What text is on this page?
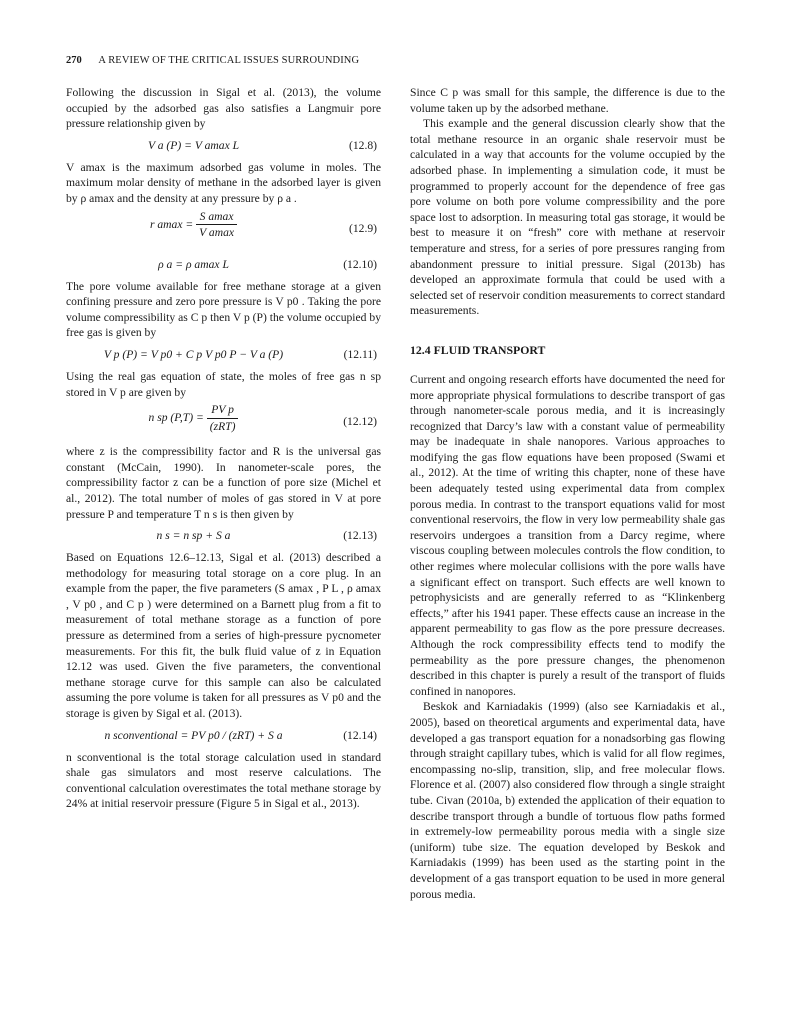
270 A REVIEW OF THE CRITICAL ISSUES SURROUNDING

Following the discussion in Sigal et al. (2013), the volume occupied by the adsorbed gas also satisfies a Langmuir pore pressure relationship given by

V a (P) = V amax L	(12.8)

V amax is the maximum adsorbed gas volume in moles. The maximum molar density of methane in the adsorbed layer is given by ρ amax and the density at any pressure by ρ a .

r $amax = \frac{\text{S amax}}{\text{V amax}}$	(12.9)
ρ a = ρ amax L	(12.10)

The pore volume available for free methane storage at a given confining pressure and zero pore pressure is V p0 . Taking the pore volume compressibility as C p then V p (P) the volume occupied by free gas is given by

V p (P) = V p0 + C p V p0 P − V a (P)	(12.11)

Using the real gas equation of state, the moles of free gas n sp stored in V p are given by

n sp $(P,T) = \frac{\text{PV p}}{\text{(zRT)}}$	(12.12)

where z is the compressibility factor and R is the universal gas constant (McCain, 1990). In nanometer-scale pores, the compressibility factor z can be a function of pore size (Michel et al., 2012). The total number of moles of gas stored in V at pore pressure P and temperature T n s is then given by

n s = n sp + S a	(12.13)

Based on Equations 12.6–12.13, Sigal et al. (2013) described a methodology for measuring total storage on a core plug. In an example from the paper, the five parameters (S amax , P L , ρ amax , V p0 , and C p ) were determined on a Barnett plug from a fit to measurement of total methane storage as a function of pore pressure as determined from a series of high-pressure pycnometer measurements. For this fit, the bulk fluid value of z in Equation 12.12 was used. Given the five parameters, the conventional methane storage curve for this sample can also be calculated assuming the pore volume is taken for all pressures as V p0 and the storage is given by Sigal et al. (2013).

n sconventional = PV p0 / (zRT) + S a	(12.14)

n sconventional is the total storage calculation used in standard shale gas simulators and most reserve calculations. The conventional calculation overestimates the total methane storage by 24% at initial reservoir pressure (Figure 5 in Sigal et al., 2013).

Since C p was small for this sample, the difference is due to the volume taken up by the adsorbed methane.

This example and the general discussion clearly show that the total methane resource in an organic shale reservoir must be calculated in a way that accounts for the volume occupied by the adsorbed phase. In implementing a simulation code, it must be programmed to properly account for the dependence of free gas pore volume on both pore volume compressibility and the pore space lost to adsorption. In measuring total gas storage, it would be best to measure it on “fresh” core with methane at reservoir temperature and stress, for a series of pore pressures ranging from abandonment pressure to initial pressure. Sigal (2013b) has developed an approximate formula that could be used with a selected set of reservoir condition measurements to correct standard measurements.

12.4 FLUID TRANSPORT

Current and ongoing research efforts have documented the need for more appropriate physical formulations to describe transport of gas through nanometer-scale porous media, and it is increasingly recognized that Darcy’s law with a constant value of permeability may be inadequate in shale nanopores. Various approaches to modifying the gas flow equations have been proposed (Swami et al., 2012). At the time of writing this chapter, none of these have been adequately tested using experimental data from complex porous media. In contrast to the transport equations valid for most conventional reservoirs, the flow in very low permeability shale gas reservoirs undergoes a transition from a Darcy regime, where viscous coupling between molecules controls the flow condition, to other regimes where molecular collisions with the pore walls have a significant effect on transport. Such effects are well known to petrophysicists and are generally referred to as “Klinkenberg effects,” after his 1941 paper. These effects cause an increase in the apparent permeability to gas flow as the pore pressure decreases. Although the rock compressibility effects tend to modify the permeability as the pore pressure changes, the phenomenon described in this chapter is purely a result of the transport of fluids confined in nanopores.

Beskok and Karniadakis (1999) (also see Karniadakis et al., 2005), based on theoretical arguments and experimental data, have developed a gas transport equation for a nonadsorbing gas flowing through straight capillary tubes, which is valid for all flow regimes, encompassing no-slip, transition, slip, and free molecular flows. Florence et al. (2007) also considered flow through a single straight tube. Civan (2010a, b) extended the application of their equation to describe transport through a bundle of tortuous flow paths formed in extremely-low permeability porous media with a single size (uniform) tube size. The equation developed by Beskok and Karniadakis (1999) has been used as the starting point in the development of a gas transport equation to be used in more general porous media.
